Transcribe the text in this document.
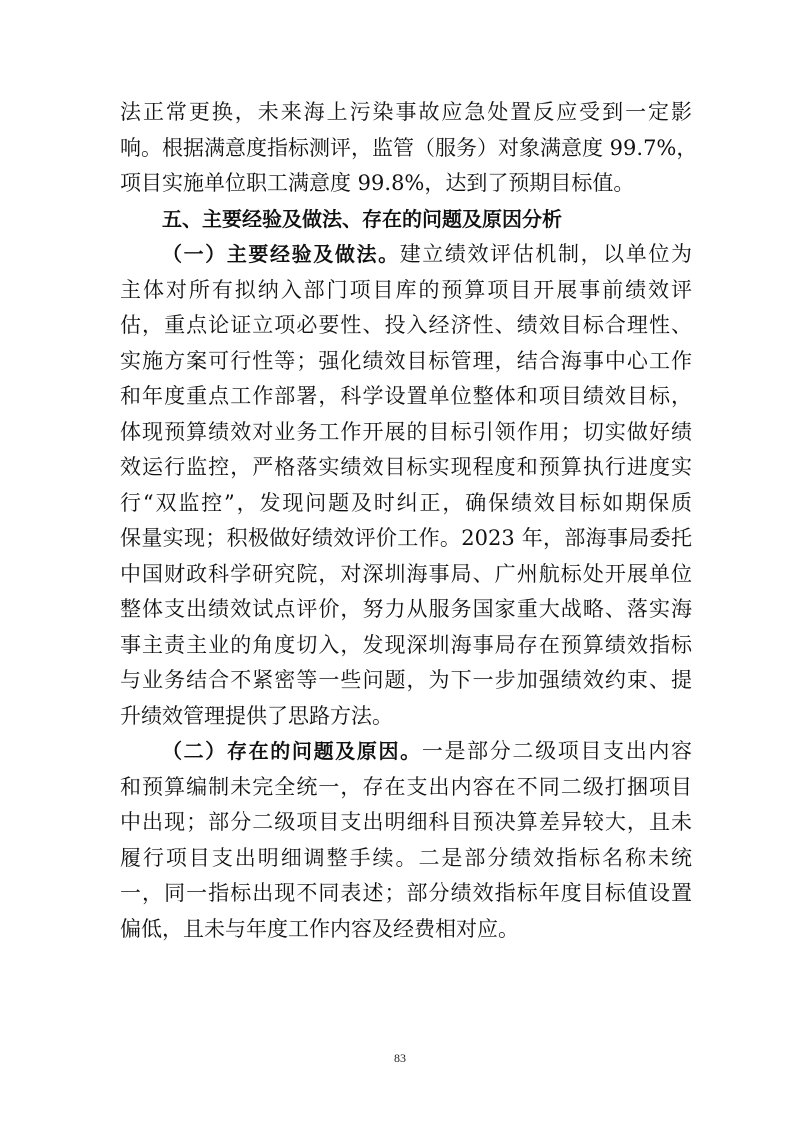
法正常更换，未来海上污染事故应急处置反应受到一定影
响。根据满意度指标测评，监管（服务）对象满意度 99.7%，
项目实施单位职工满意度 99.8%，达到了预期目标值。
五、主要经验及做法、存在的问题及原因分析
（一）主要经验及做法。建立绩效评估机制，以单位为
主体对所有拟纳入部门项目库的预算项目开展事前绩效评
估，重点论证立项必要性、投入经济性、绩效目标合理性、
实施方案可行性等；强化绩效目标管理，结合海事中心工作
和年度重点工作部署，科学设置单位整体和项目绩效目标，
体现预算绩效对业务工作开展的目标引领作用；切实做好绩
效运行监控，严格落实绩效目标实现程度和预算执行进度实
行“双监控”，发现问题及时纠正，确保绩效目标如期保质
保量实现；积极做好绩效评价工作。2023 年，部海事局委托
中国财政科学研究院，对深圳海事局、广州航标处开展单位
整体支出绩效试点评价，努力从服务国家重大战略、落实海
事主责主业的角度切入，发现深圳海事局存在预算绩效指标
与业务结合不紧密等一些问题，为下一步加强绩效约束、提
升绩效管理提供了思路方法。
（二）存在的问题及原因。一是部分二级项目支出内容
和预算编制未完全统一，存在支出内容在不同二级打捆项目
中出现；部分二级项目支出明细科目预决算差异较大，且未
履行项目支出明细调整手续。二是部分绩效指标名称未统
一，同一指标出现不同表述；部分绩效指标年度目标值设置
偏低，且未与年度工作内容及经费相对应。
83
